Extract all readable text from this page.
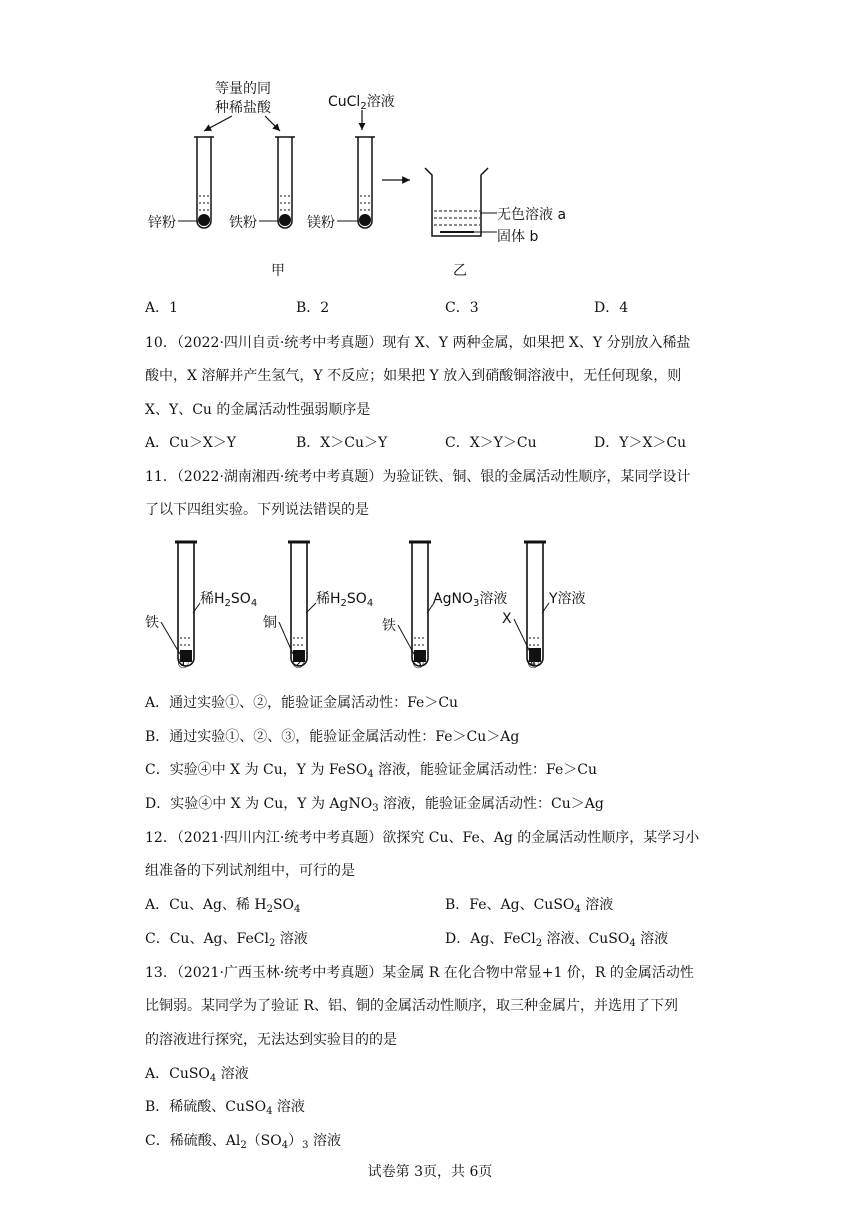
等量的同
种稀盐酸	CuCl$_2$溶液
锌粉	铁粉	镁粉	无色溶液 a
固体 b
甲	乙
A．1	B．2	C．3	D．4
10．（2022·四川自贡·统考中考真题）现有 X、Y 两种金属，如果把 X、Y 分别放入稀盐
酸中，X 溶解并产生氢气，Y 不反应；如果把 Y 放入到硝酸铜溶液中，无任何现象，则
X、Y、Cu 的金属活动性强弱顺序是
A．Cu＞X＞Y	B．X＞Cu＞Y	C．X＞Y＞Cu	D．Y＞X＞Cu
11．（2022·湖南湘西·统考中考真题）为验证铁、铜、银的金属活动性顺序，某同学设计
了以下四组实验。下列说法错误的是
稀$H_2SO_4$
铁
稀$H_2SO_4$
铜
AgNO$_3$溶液
铁
Y溶液
X
①	②	③	④
A．通过实验①、②，能验证金属活动性：Fe＞Cu
B．通过实验①、②、③，能验证金属活动性：Fe＞Cu＞Ag
C．实验④中 X 为 Cu，Y 为 FeSO$_4$ 溶液，能验证金属活动性：Fe＞Cu
D．实验④中 X 为 Cu，Y 为 AgNO$_3$ 溶液，能验证金属活动性：Cu＞Ag
12．（2021·四川内江·统考中考真题）欲探究 Cu、Fe、Ag 的金属活动性顺序，某学习小
组准备的下列试剂组中，可行的是
A．Cu、Ag、稀 $H_2SO_4$	B．Fe、Ag、CuSO$_4$ 溶液
C．Cu、Ag、FeCl$_2$ 溶液	D．Ag、FeCl$_2$ 溶液、CuSO$_4$ 溶液
13．（2021·广西玉林·统考中考真题）某金属 R 在化合物中常显+1 价，R 的金属活动性
比铜弱。某同学为了验证 R、铝、铜的金属活动性顺序，取三种金属片，并选用了下列
的溶液进行探究，无法达到实验目的的是
A．CuSO$_4$ 溶液
B．稀硫酸、CuSO$_4$ 溶液
C．稀硫酸、$Al_2(SO_4)_3$ 溶液
试卷第 3页，共 6页
